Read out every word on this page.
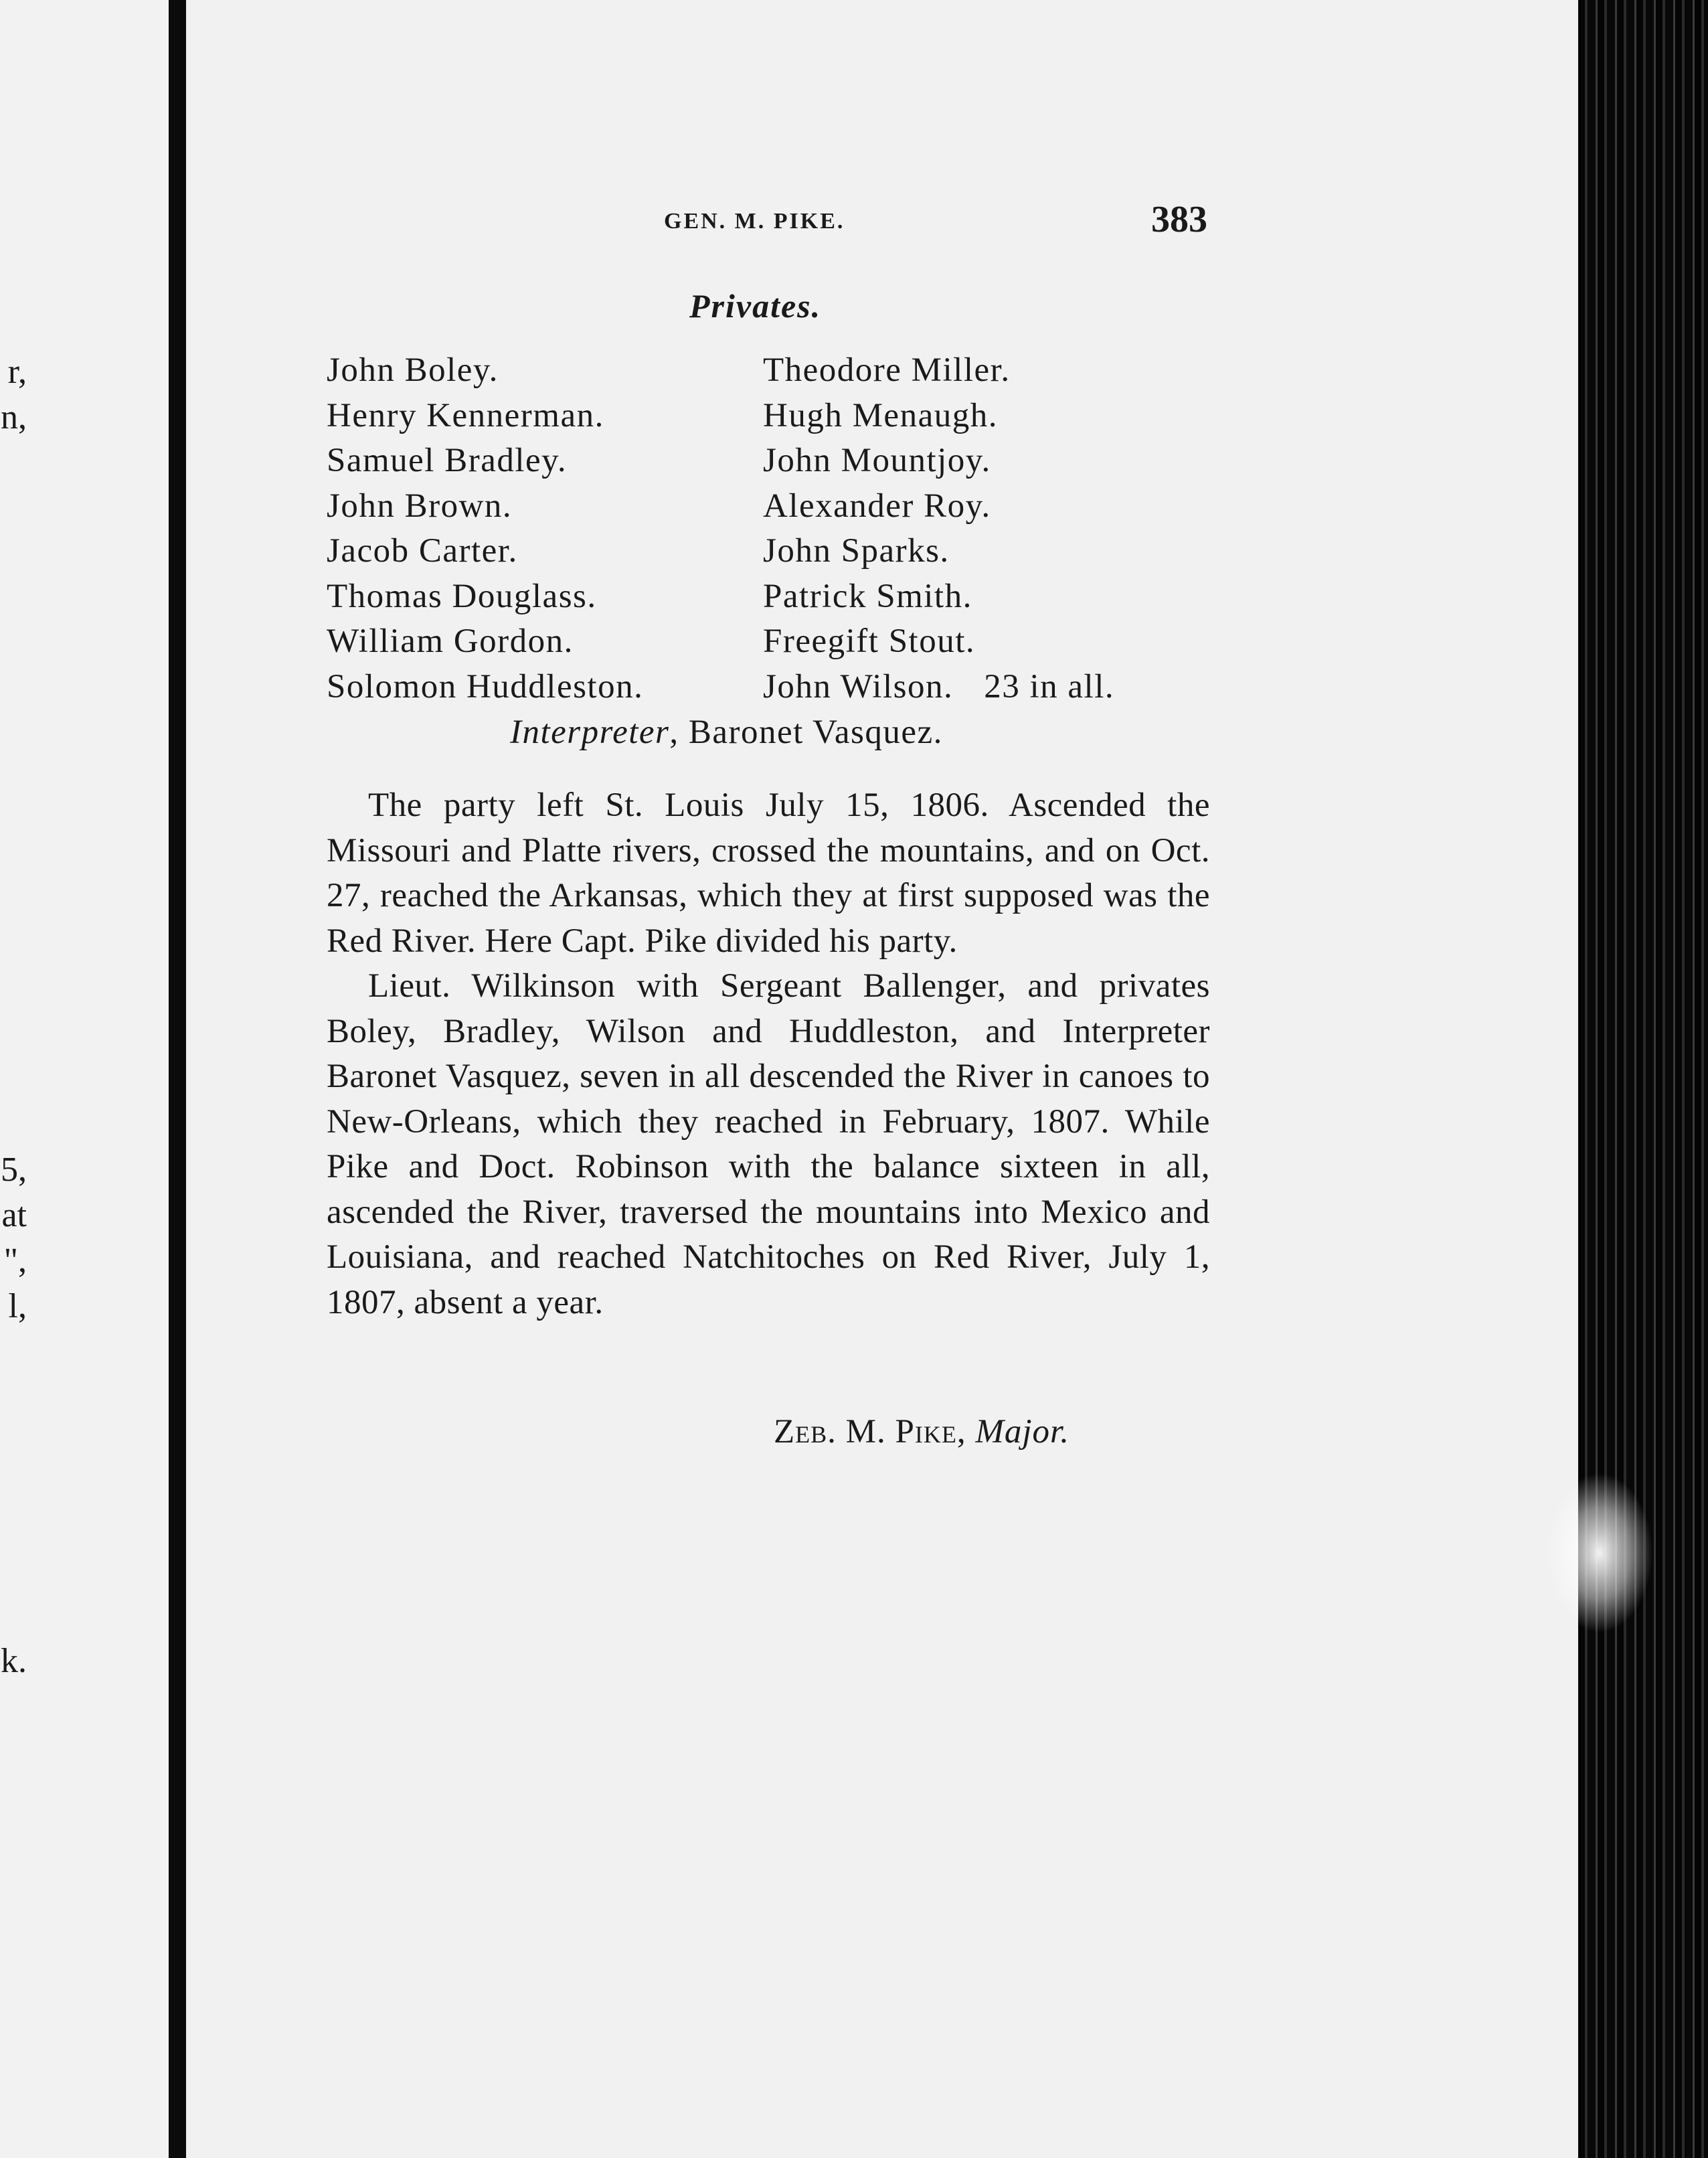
r,
n,
5,
at
",
l,
k.
GEN. M. PIKE.	383
Privates.
John Boley.	Theodore Miller.
Henry Kennerman.	Hugh Menaugh.
Samuel Bradley.	John Mountjoy.
John Brown.	Alexander Roy.
Jacob Carter.	John Sparks.
Thomas Douglass.	Patrick Smith.
William Gordon.	Freegift Stout.
Solomon Huddleston.	John Wilson. 23 in all.
Interpreter, Baronet Vasquez.

The party left St. Louis July 15, 1806. Ascended the Missouri and Platte rivers, crossed the mountains, and on Oct. 27, reached the Arkansas, which they at first supposed was the Red River. Here Capt. Pike divided his party.

Lieut. Wilkinson with Sergeant Ballenger, and privates Boley, Bradley, Wilson and Huddleston, and Interpreter Baronet Vasquez, seven in all descended the River in canoes to New-Orleans, which they reached in February, 1807. While Pike and Doct. Robinson with the balance sixteen in all, ascended the River, traversed the mountains into Mexico and Louisiana, and reached Natchitoches on Red River, July 1, 1807, absent a year.

Zeb. M. Pike, Major.
